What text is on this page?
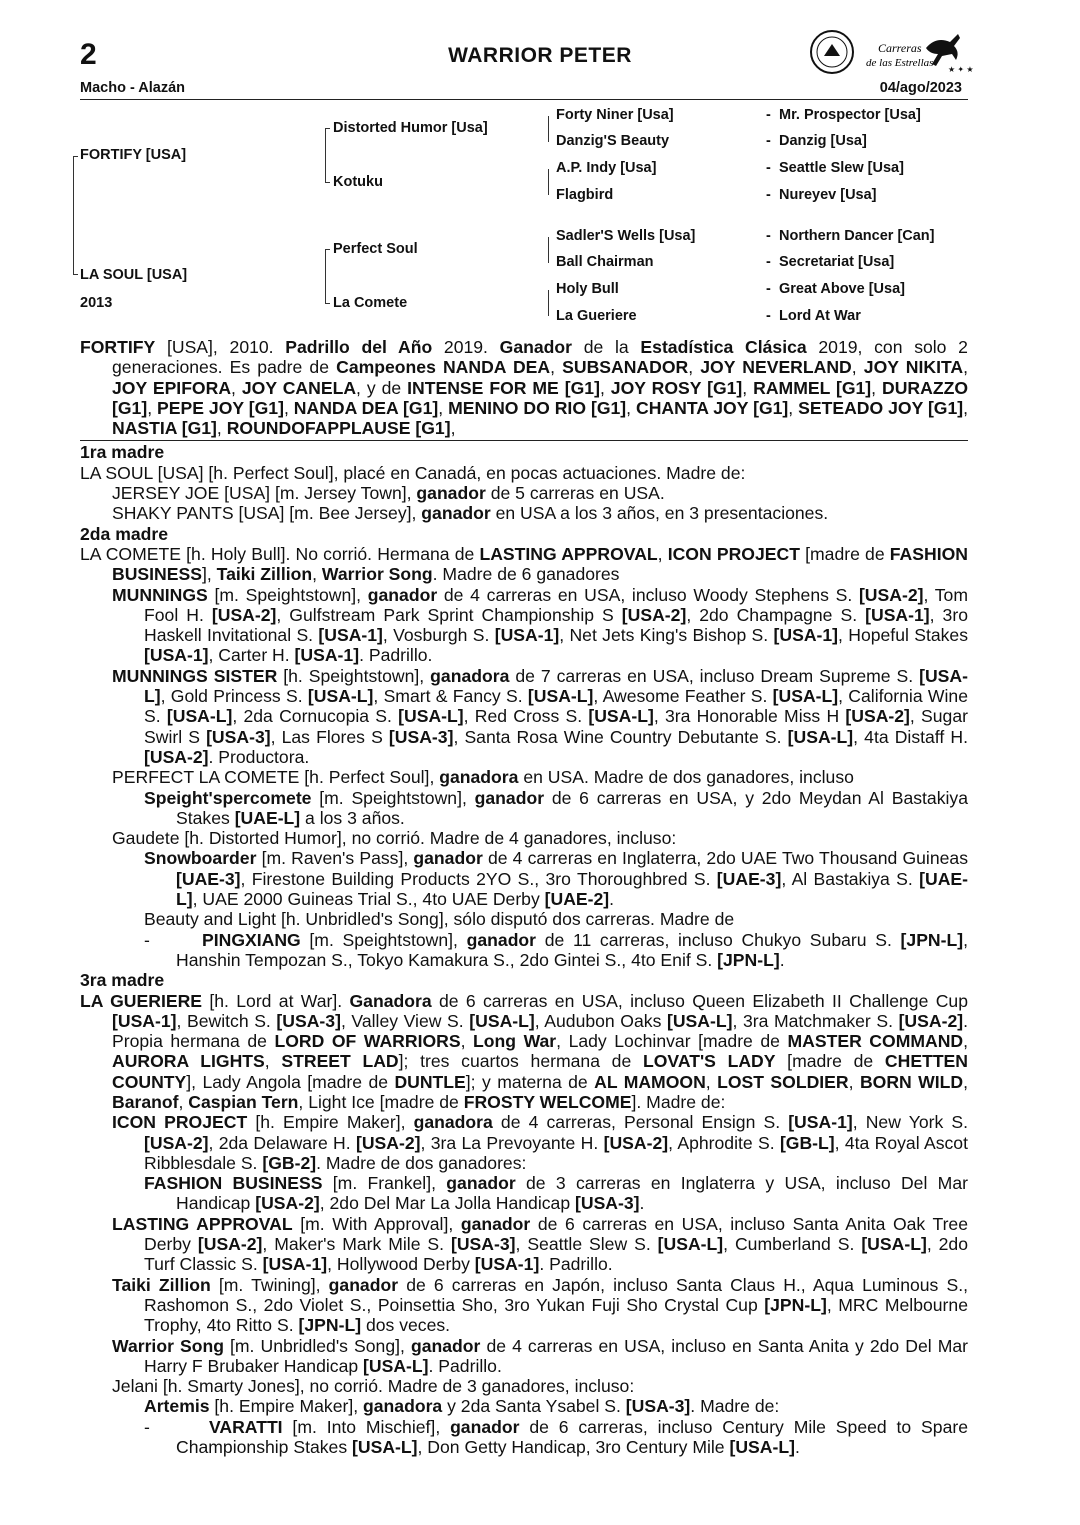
2	WARRIOR PETER
Macho - Alazán	04/ago/2023
Carreras
de las Estrellas
★ ✦ ★
FORTIFY [USA]
LA SOUL [USA]
2013
Distorted Humor [Usa]
Kotuku
Perfect Soul
La Comete
Forty Niner [Usa]
Danzig'S Beauty
A.P. Indy [Usa]
Flagbird
Sadler'S Wells [Usa]
Ball Chairman
Holy Bull
La Gueriere
-
-
-
-
-
-
-
-
Mr. Prospector [Usa]
Danzig [Usa]
Seattle Slew [Usa]
Nureyev [Usa]
Northern Dancer [Can]
Secretariat [Usa]
Great Above [Usa]
Lord At War

FORTIFY [USA], 2010. Padrillo del Año 2019. Ganador de la Estadística Clásica 2019, con solo 2 generaciones. Es padre de Campeones NANDA DEA, SUBSANADOR, JOY NEVERLAND, JOY NIKITA, JOY EPIFORA, JOY CANELA, y de INTENSE FOR ME [G1], JOY ROSY [G1], RAMMEL [G1], DURAZZO [G1], PEPE JOY [G1], NANDA DEA [G1], MENINO DO RIO [G1], CHANTA JOY [G1], SETEADO JOY [G1], NASTIA [G1], ROUNDOFAPPLAUSE [G1],

1ra madre

LA SOUL [USA] [h. Perfect Soul], placé en Canadá, en pocas actuaciones. Madre de:

JERSEY JOE [USA] [m. Jersey Town], ganador de 5 carreras en USA.

SHAKY PANTS [USA] [m. Bee Jersey], ganador en USA a los 3 años, en 3 presentaciones.

2da madre

LA COMETE [h. Holy Bull]. No corrió. Hermana de LASTING APPROVAL, ICON PROJECT [madre de FASHION BUSINESS], Taiki Zillion, Warrior Song. Madre de 6 ganadores

MUNNINGS [m. Speightstown], ganador de 4 carreras en USA, incluso Woody Stephens S. [USA-2], Tom Fool H. [USA-2], Gulfstream Park Sprint Championship S [USA-2], 2do Champagne S. [USA-1], 3ro Haskell Invitational S. [USA-1], Vosburgh S. [USA-1], Net Jets King's Bishop S. [USA-1], Hopeful Stakes [USA-1], Carter H. [USA-1]. Padrillo.

MUNNINGS SISTER [h. Speightstown], ganadora de 7 carreras en USA, incluso Dream Supreme S. [USA-L], Gold Princess S. [USA-L], Smart & Fancy S. [USA-L], Awesome Feather S. [USA-L], California Wine S. [USA-L], 2da Cornucopia S. [USA-L], Red Cross S. [USA-L], 3ra Honorable Miss H [USA-2], Sugar Swirl S [USA-3], Las Flores S [USA-3], Santa Rosa Wine Country Debutante S. [USA-L], 4ta Distaff H. [USA-2]. Productora.

PERFECT LA COMETE [h. Perfect Soul], ganadora en USA. Madre de dos ganadores, incluso

Speight'spercomete [m. Speightstown], ganador de 6 carreras en USA, y 2do Meydan Al Bastakiya Stakes [UAE-L] a los 3 años.

Gaudete [h. Distorted Humor], no corrió. Madre de 4 ganadores, incluso:

Snowboarder [m. Raven's Pass], ganador de 4 carreras en Inglaterra, 2do UAE Two Thousand Guineas [UAE-3], Firestone Building Products 2YO S., 3ro Thoroughbred S. [UAE-3], Al Bastakiya S. [UAE-L], UAE 2000 Guineas Trial S., 4to UAE Derby [UAE-2].

Beauty and Light [h. Unbridled's Song], sólo disputó dos carreras. Madre de

-      PINGXIANG [m. Speightstown], ganador de 11 carreras, incluso Chukyo Subaru S. [JPN-L], Hanshin Tempozan S., Tokyo Kamakura S., 2do Gintei S., 4to Enif S. [JPN-L].

3ra madre

LA GUERIERE [h. Lord at War]. Ganadora de 6 carreras en USA, incluso Queen Elizabeth II Challenge Cup [USA-1], Bewitch S. [USA-3], Valley View S. [USA-L], Audubon Oaks [USA-L], 3ra Matchmaker S. [USA-2]. Propia hermana de LORD OF WARRIORS, Long War, Lady Lochinvar [madre de MASTER COMMAND, AURORA LIGHTS, STREET LAD]; tres cuartos hermana de LOVAT'S LADY [madre de CHETTEN COUNTY], Lady Angola [madre de DUNTLE]; y materna de AL MAMOON, LOST SOLDIER, BORN WILD, Baranof, Caspian Tern, Light Ice [madre de FROSTY WELCOME]. Madre de:

ICON PROJECT [h. Empire Maker], ganadora de 4 carreras, Personal Ensign S. [USA-1], New York S. [USA-2], 2da Delaware H. [USA-2], 3ra La Prevoyante H. [USA-2], Aphrodite S. [GB-L], 4ta Royal Ascot Ribblesdale S. [GB-2]. Madre de dos ganadores:

FASHION BUSINESS [m. Frankel], ganador de 3 carreras en Inglaterra y USA, incluso Del Mar Handicap [USA-2], 2do Del Mar La Jolla Handicap [USA-3].

LASTING APPROVAL [m. With Approval], ganador de 6 carreras en USA, incluso Santa Anita Oak Tree Derby [USA-2], Maker's Mark Mile S. [USA-3], Seattle Slew S. [USA-L], Cumberland S. [USA-L], 2do Turf Classic S. [USA-1], Hollywood Derby [USA-1]. Padrillo.

Taiki Zillion [m. Twining], ganador de 6 carreras en Japón, incluso Santa Claus H., Aqua Luminous S., Rashomon S., 2do Violet S., Poinsettia Sho, 3ro Yukan Fuji Sho Crystal Cup [JPN-L], MRC Melbourne Trophy, 4to Ritto S. [JPN-L] dos veces.

Warrior Song [m. Unbridled's Song], ganador de 4 carreras en USA, incluso en Santa Anita y 2do Del Mar Harry F Brubaker Handicap [USA-L]. Padrillo.

Jelani [h. Smarty Jones], no corrió. Madre de 3 ganadores, incluso:

Artemis [h. Empire Maker], ganadora y 2da Santa Ysabel S. [USA-3]. Madre de:

-      VARATTI [m. Into Mischief], ganador de 6 carreras, incluso Century Mile Speed to Spare Championship Stakes [USA-L], Don Getty Handicap, 3ro Century Mile [USA-L].
